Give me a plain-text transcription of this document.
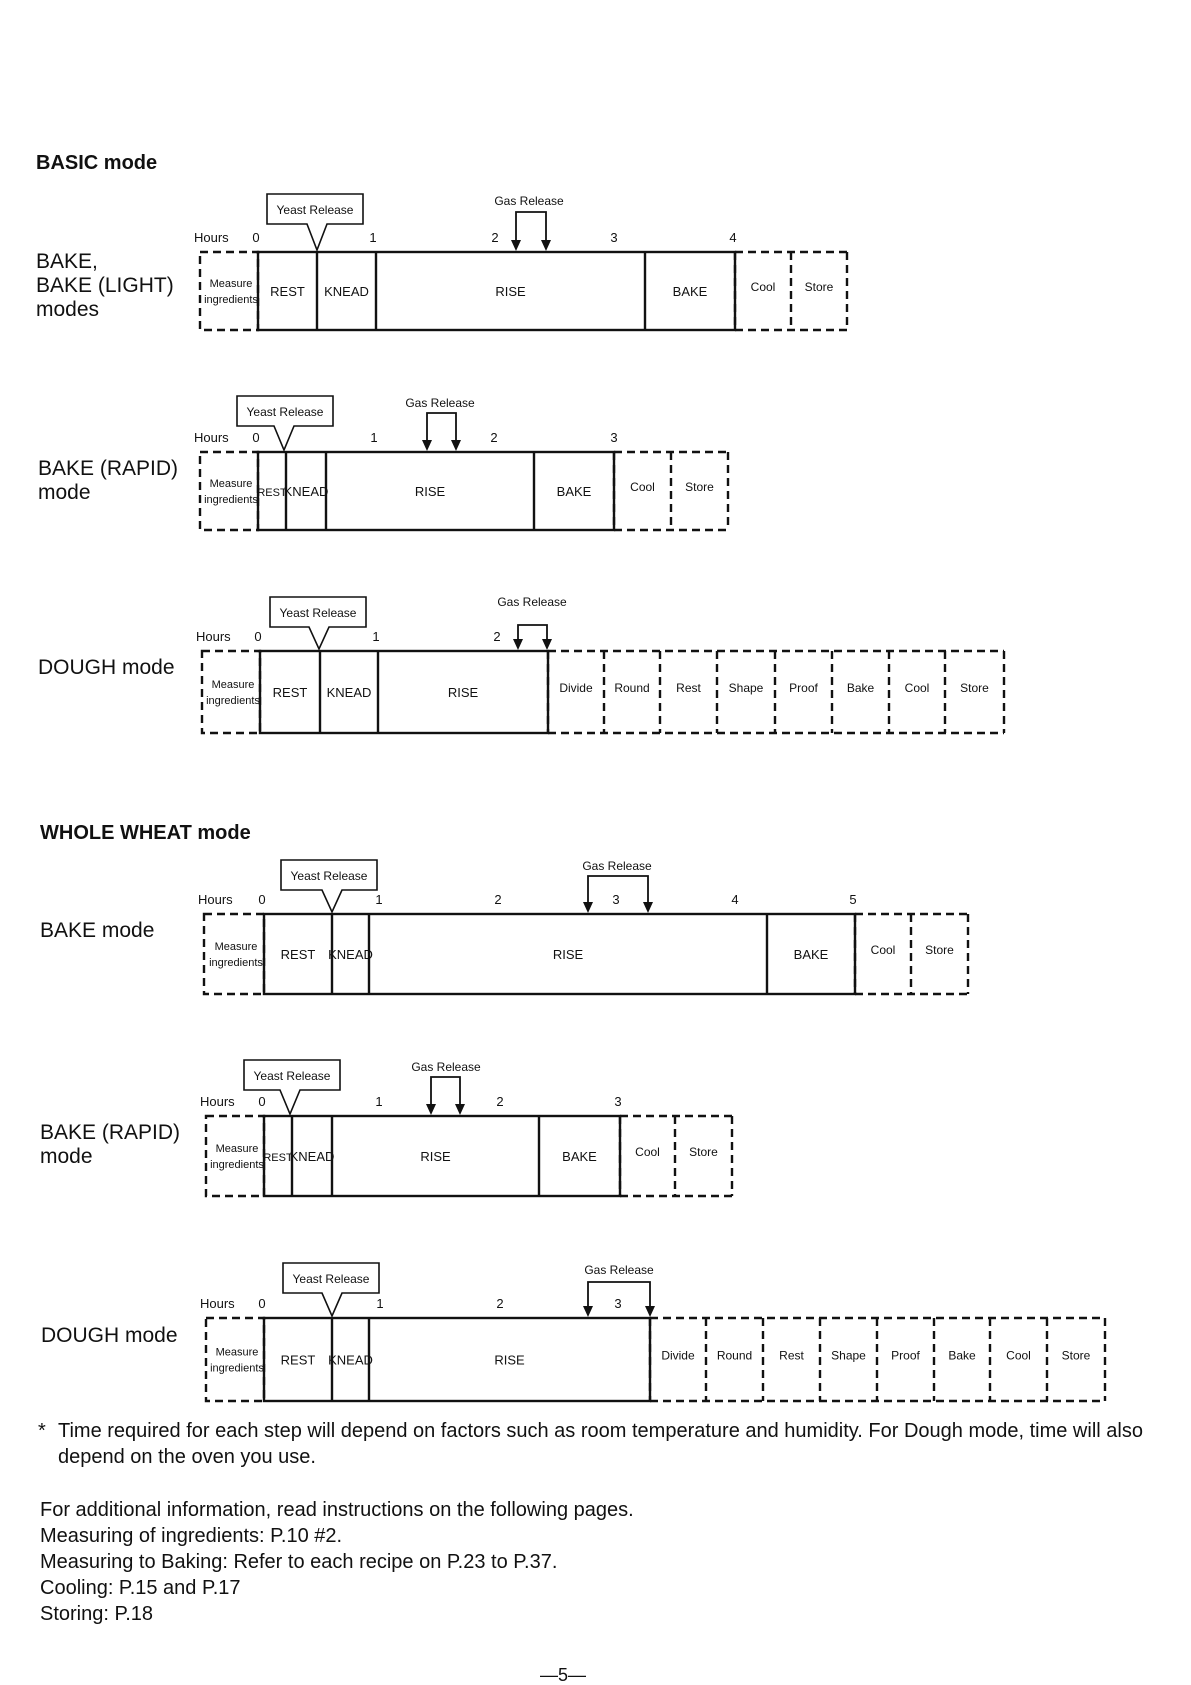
BASIC mode
WHOLE WHEAT mode
BAKE,
BAKE (LIGHT)
modes
BAKE (RAPID)
mode
DOUGH mode
BAKE mode
BAKE (RAPID)
mode
DOUGH mode
Hours 0	1	2	3	4
Measure
ingredients
REST KNEAD	RISE	BAKE	Cool Store
Yeast Release
Gas Release
Hours 0	1	2	3
Measure
ingredients
REST
KNEAD	RISE	BAKE	Cool	Store
Yeast Release
Gas Release
Hours 0	1	2
Measure
ingredients
REST KNEAD	RISE	Divide Round Rest Shape Proof Bake	Cool	Store
Yeast Release
Gas Release
Hours 0	1	2	3	4	5
Measure
ingredients
REST KNEAD	RISE	BAKE	Cool Store
Yeast Release
Gas Release
Hours 0	1	2	3
Measure
ingredients
REST
KNEAD	RISE	BAKE	Cool Store
Yeast Release
Gas Release
Hours 0	1	2	3
Measure
ingredients
REST KNEAD	RISE	Divide Round Rest Shape Proof Bake	Cool	Store
Yeast Release
Gas Release
* Time required for each step will depend on factors such as room temperature and humidity. For Dough mode, time will also depend on the oven you use.
For additional information, read instructions on the following pages.
Measuring of ingredients: P.10 #2.
Measuring to Baking: Refer to each recipe on P.23 to P.37.
Cooling: P.15 and P.17
Storing: P.18
—5—
